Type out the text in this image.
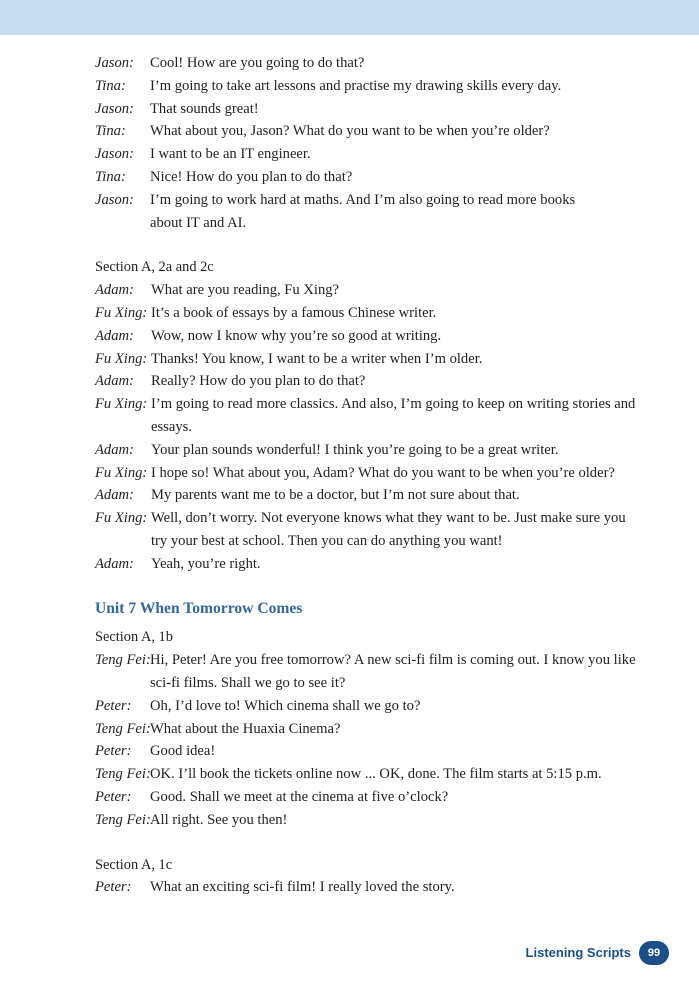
Jason:	Cool! How are you going to do that?
Tina:	I’m going to take art lessons and practise my drawing skills every day.
Jason:	That sounds great!
Tina:	What about you, Jason? What do you want to be when you’re older?
Jason:	I want to be an IT engineer.
Tina:	Nice! How do you plan to do that?
Jason:	I’m going to work hard at maths. And I’m also going to read more books
about IT and AI.
Section A, 2a and 2c
Adam:	What are you reading, Fu Xing?
Fu Xing: It’s a book of essays by a famous Chinese writer.
Adam:	Wow, now I know why you’re so good at writing.
Fu Xing: Thanks! You know, I want to be a writer when I’m older.
Adam:	Really? How do you plan to do that?
Fu Xing: I’m going to read more classics. And also, I’m going to keep on writing stories and
essays.
Adam:	Your plan sounds wonderful! I think you’re going to be a great writer.
Fu Xing: I hope so! What about you, Adam? What do you want to be when you’re older?
Adam:	My parents want me to be a doctor, but I’m not sure about that.
Fu Xing: Well, don’t worry. Not everyone knows what they want to be. Just make sure you
try your best at school. Then you can do anything you want!
Adam:	Yeah, you’re right.
Unit 7 When Tomorrow Comes
Section A, 1b
Teng Fei: Hi, Peter! Are you free tomorrow? A new sci-fi film is coming out. I know you like
sci-fi films. Shall we go to see it?
Peter:	Oh, I’d love to! Which cinema shall we go to?
Teng Fei: What about the Huaxia Cinema?
Peter:	Good idea!
Teng Fei: OK. I’ll book the tickets online now ... OK, done. The film starts at 5:15 p.m.
Peter:	Good. Shall we meet at the cinema at five o’clock?
Teng Fei: All right. See you then!
Section A, 1c
Peter:	What an exciting sci-fi film! I really loved the story.
Listening Scripts	99
